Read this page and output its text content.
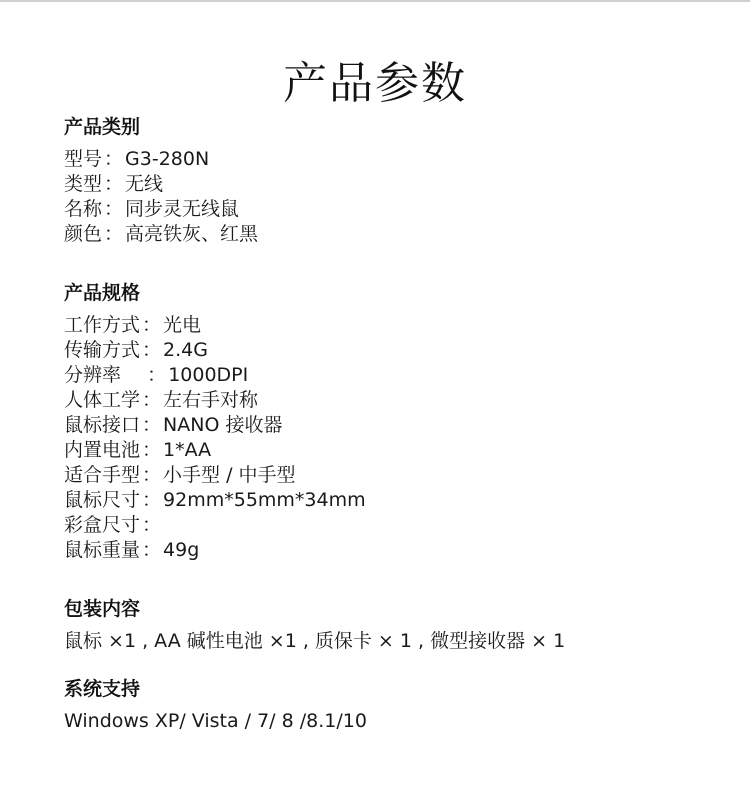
产品参数
产品类别
型号 ： G3-280N
类型 ： 无线
名称 ： 同步灵无线鼠
颜色 ： 高亮铁灰、红黑
产品规格
工作方式 ： 光电
传输方式 ： 2.4G
分辨率    ： 1000DPI
人体工学 ： 左右手对称
鼠标接口 ： NANO 接收器
内置电池 ： 1*AA
适合手型 ： 小手型 / 中手型
鼠标尺寸 ： 92mm*55mm*34mm
彩盒尺寸 ：
鼠标重量 ： 49g
包装内容
鼠标 ×1 , AA 碱性电池 ×1 , 质保卡 × 1 , 微型接收器 × 1
系统支持
Windows XP/ Vista / 7/ 8 /8.1/10
